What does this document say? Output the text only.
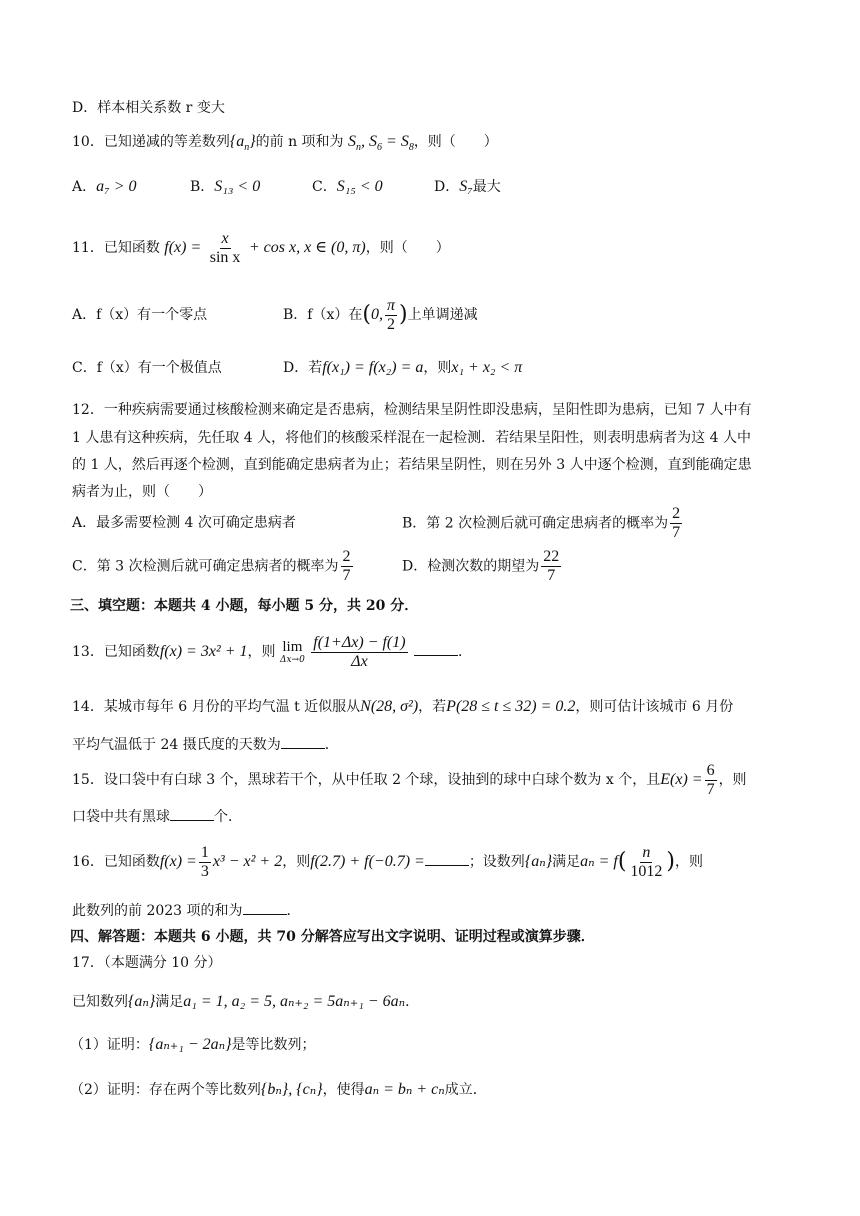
D．样本相关系数 r 变大
10．已知递减的等差数列$\{a_n\}$的前 n 项和为 $S_n$, $S_6 = S_8$，则（　　）
A．a₇ > 0	B．S₁₃ < 0	C．S₁₅ < 0	D．S₇最大
11．已知函数 $f(x) = \frac{x}{\text{sin x}} + \cos x$, x ∈ (0, π)，则（　　）
A．f（x）有一个零点	B．f（x）在(0, $\frac{\pi}{2}$ )上单调递减
C．f（x）有一个极值点	D．若f(x₁) = f(x₂) = a，则x₁ + x₂ < π
12．一种疾病需要通过核酸检测来确定是否患病，检测结果呈阴性即没患病，呈阳性即为患病，已知 7 人中有
1 人患有这种疾病，先任取 4 人，将他们的核酸采样混在一起检测．若结果呈阳性，则表明患病者为这 4 人中
的 1 人，然后再逐个检测，直到能确定患病者为止；若结果呈阴性，则在另外 3 人中逐个检测，直到能确定患
病者为止，则（　　）
A．最多需要检测 4 次可确定患病者	B．第 2 次检测后就可确定患病者的概率为 $\frac{2}{7}$
C．第 3 次检测后就可确定患病者的概率为 $\frac{2}{7}$	D．检测次数的期望为 $\frac{22}{7}$
三、填空题：本题共 4 小题，每小题 5 分，共 20 分．
13．已知函数f(x) = 3x² + 1，则 lim
Δx→0
$\frac{f(1+\Delta x) - f(1)}{\Delta x}$	．
14．某城市每年 6 月份的平均气温 t 近似服从N(28, σ²)，若P(28 ≤ t ≤ 32) = 0.2，则可估计该城市 6 月份
平均气温低于 24 摄氏度的天数为	．
15．设口袋中有白球 3 个，黑球若干个，从中任取 2 个球，设抽到的球中白球个数为 x 个，且$E(x) = \frac{6}{7}$ ，则
口袋中共有黑球	个．
16．已知函数$f(x) = \frac{1}{3} x^3 - x^2 + 2$，则f(2.7) + f(−0.7) =	；设数列{aₙ}满足$a_n = f( \frac{n}{1012}$ )，则
此数列的前 2023 项的和为	．
四、解答题：本题共 6 小题，共 70 分解答应写出文字说明、证明过程或演算步骤．
17．（本题满分 10 分）
已知数列{aₙ}满足a₁ = 1, a₂ = 5, aₙ₊₂ = 5aₙ₊₁ − 6aₙ．
（1）证明：{aₙ₊₁ − 2aₙ}是等比数列；
（2）证明：存在两个等比数列{bₙ}, {cₙ}，使得aₙ = bₙ + cₙ成立．
